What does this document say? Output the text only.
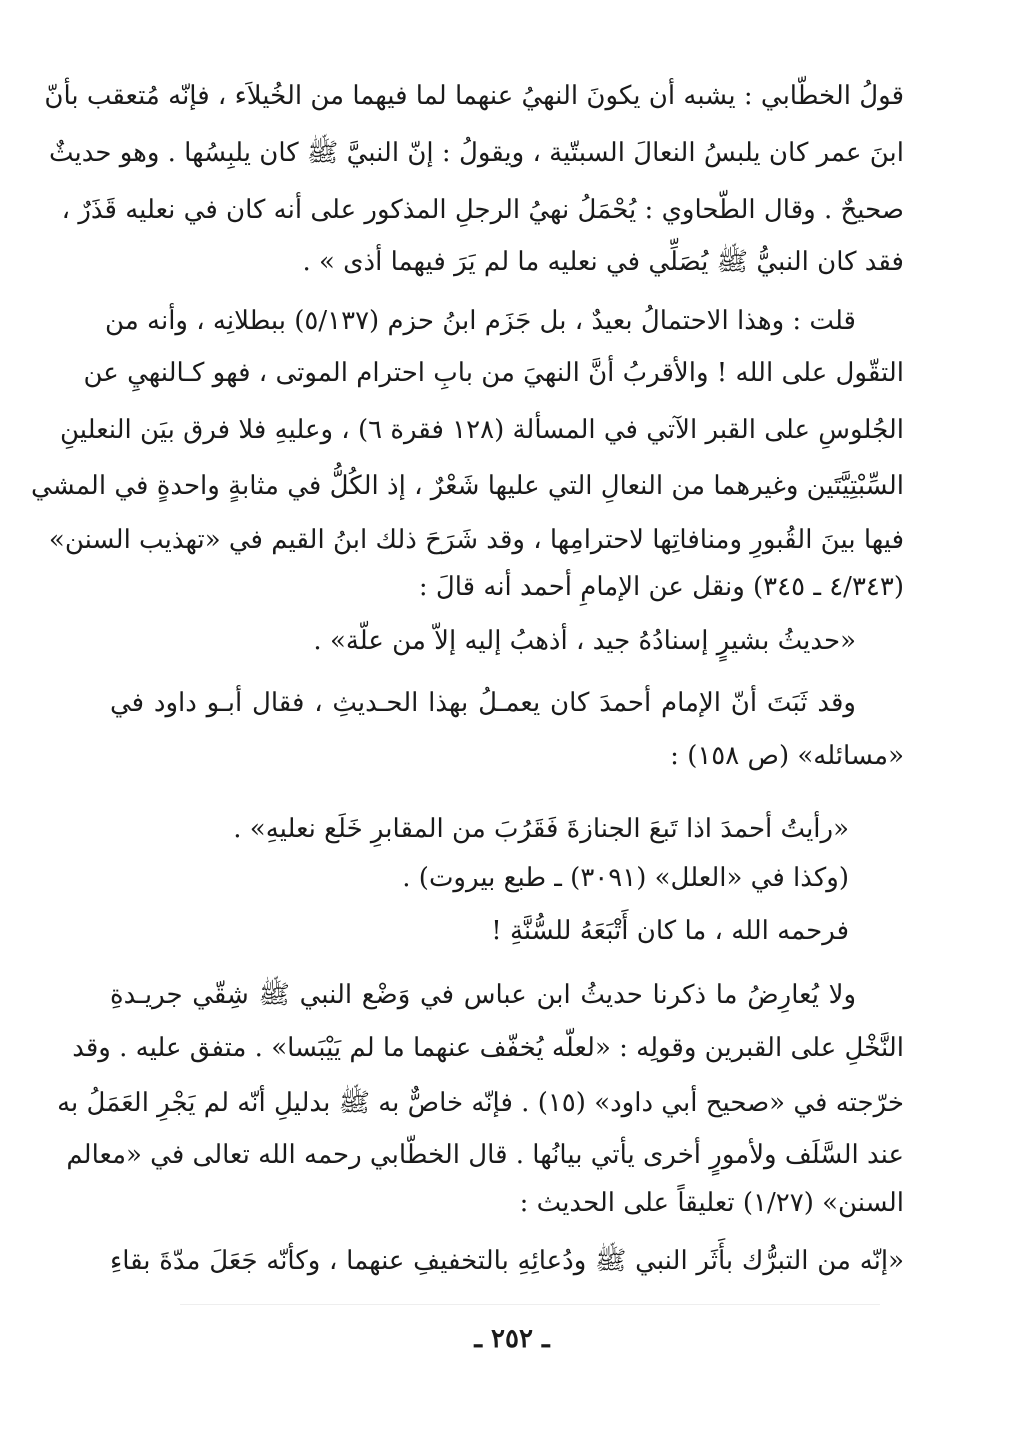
قولُ الخطّابي : يشبه أن يكونَ النهيُ عنهما لما فيهما من الخُيلاَء ، فإنّه مُتعقب بأنّ
ابنَ عمر كان يلبسُ النعالَ السبتّية ، ويقولُ : إنّ النبيَّ ﷺ كان يلبِسُها . وهو حديثٌ
صحيحٌ . وقال الطّحاوي : يُحْمَلُ نهيُ الرجلِ المذكور على أنه كان في نعليه قَذَرٌ ،
فقد كان النبيُّ ﷺ يُصَلِّي في نعليه ما لم يَرَ فيهما أذى » .
قلت : وهذا الاحتمالُ بعيدٌ ، بل جَزَم ابنُ حزم (٥/١٣٧) ببطلانِه ، وأنه من
التقّول على الله ! والأقربُ أنَّ النهيَ من بابِ احترام الموتى ، فهو كـالنهيِ عن
الجُلوسِ على القبر الآتي في المسألة (١٢٨ فقرة ٦) ، وعليهِ فلا فرق بيَن النعلينِ
السِّبْتِيَّتَين وغيرهما من النعالِ التي عليها شَعْرٌ ، إذ الكُلُّ في مثابةٍ واحدةٍ في المشي
فيها بينَ القُبورِ ومنافاتِها لاحترامِها ، وقد شَرَحَ ذلك ابنُ القيم في «تهذيب السنن»
(٤/٣٤٣ ـ ٣٤٥) ونقل عن الإمامِ أحمد أنه قالَ :
«حديثُ بشيرٍ إسنادُهُ جيد ، أذهبُ إليه إلاّ من علّة» .
وقد ثَبَتَ أنّ الإمام أحمدَ كان يعمـلُ بهذا الحـديثِ ، فقال أبـو داود في
«مسائله» (ص ١٥٨) :
«رأيتُ أحمدَ اذا تَبعَ الجنازةَ فَقَرُبَ من المقابرِ خَلَع نعليهِ» .
(وكذا في «العلل» (٣٠٩١) ـ طبع بيروت) .
فرحمه الله ، ما كان أَتْبَعَهُ للسُّنَّةِ !
ولا يُعارِضُ ما ذكرنا حديثُ ابن عباس في وَضْع النبي ﷺ شِقّي جريـدةِ
النَّخْلِ على القبرين وقولِه : «لعلّه يُخفّف عنهما ما لم يَيْبَسا» . متفق عليه . وقد
خرّجته في «صحيح أبي داود» (١٥) . فإنّه خاصٌّ به ﷺ بدليلِ أنّه لم يَجْرِ العَمَلُ به
عند السَّلَف ولأمورٍ أخرى يأتي بيانُها . قال الخطّابي رحمه الله تعالى في «معالم
السنن» (١/٢٧) تعليقاً على الحديث :
«إنّه من التبرُّك بأَثَر النبي ﷺ ودُعائِهِ بالتخفيفِ عنهما ، وكأنّه جَعَلَ مدّةَ بقاءِ
ـ ٢٥٢ ـ
